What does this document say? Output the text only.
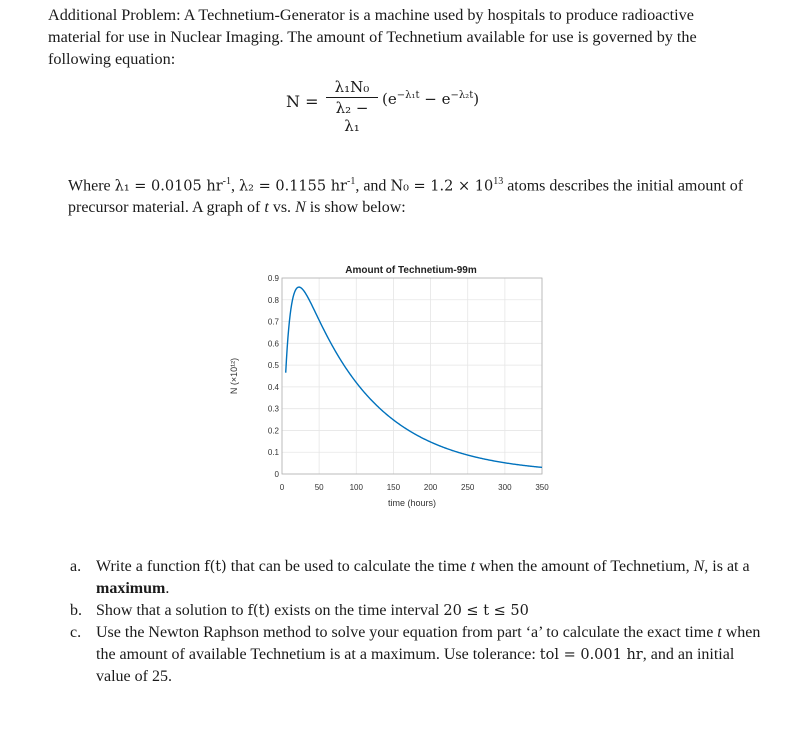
Additional Problem: A Technetium-Generator is a machine used by hospitals to produce radioactive material for use in Nuclear Imaging. The amount of Technetium available for use is governed by the following equation:
$N = \frac{\text{λ₁N₀}}{\text{λ₂ − λ₁}} (e^{-\lambda_1t} - e^{-\lambda_2t})$
Where λ₁ = 0.0105 $hr^{-1}$, λ₂ = 0.1155 $hr^{-1}$, and $N_0 = 1.2 \times 10^{13}$ atoms describes the initial amount of precursor material. A graph of t vs. N is show below:
Amount of Technetium-99m
0
0.1
0.2
0.3
0.4
0.5
0.6
0.7
0.8
0.9
0	50	100	150	200	250	300	350
time (hours)
N (×10¹²)
a. Write a function f(t) that can be used to calculate the time t when the amount of Technetium, N, is at a maximum.
b. Show that a solution to f(t) exists on the time interval 20 ≤ t ≤ 50
c. Use the Newton Raphson method to solve your equation from part ‘a’ to calculate the exact time t when the amount of available Technetium is at a maximum. Use tolerance: tol = 0.001 hr, and an initial value of 25.
